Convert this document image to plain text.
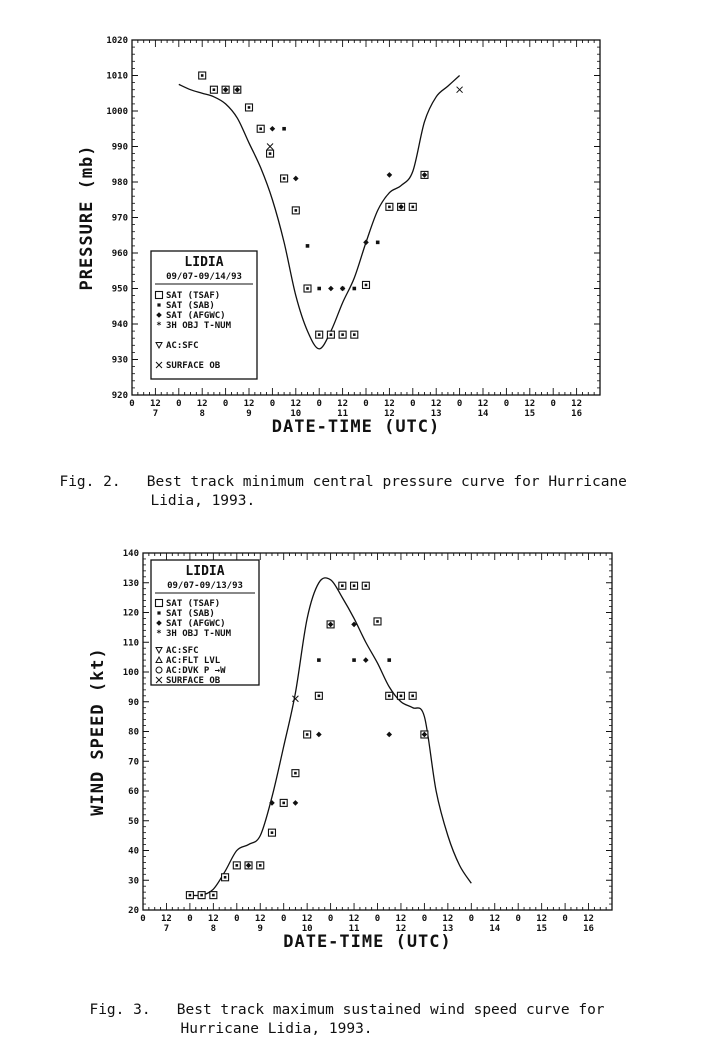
920
930
940
950
960
970
980
990
1000
1010
1020
0 12
7
0 12
8
0 12
9
0 12
10
0 12
11
0 12
12
0 12
13
0 12
14
0 12
15
0 12
16
DATE-TIME (UTC)
PRESSURE (mb)	LIDIA
09/07-09/14/93
SAT (TSAF)
SAT (SAB)
SAT (AFGWC)
* 3H OBJ T-NUM
AC:SFC
SURFACE OB
20
30
40
50
60
70
80
90
100
110
120
130
140
0 12
7
0 12
8
0 12
9
0 12
10
0 12
11
0 12
12
0 12
13
0 12
14
0 12
15
0 12
16
DATE-TIME (UTC)
WIND SPEED (kt)
LIDIA
09/07-09/13/93
SAT (TSAF)
SAT (SAB)
SAT (AFGWC)
* 3H OBJ T-NUM
AC:SFC
AC:FLT LVL
AC:DVK P →W
SURFACE OB

Fig. 2. Best track minimum central pressure curve for Hurricane

Lidia, 1993.

Fig. 3. Best track maximum sustained wind speed curve for

Hurricane Lidia, 1993.
